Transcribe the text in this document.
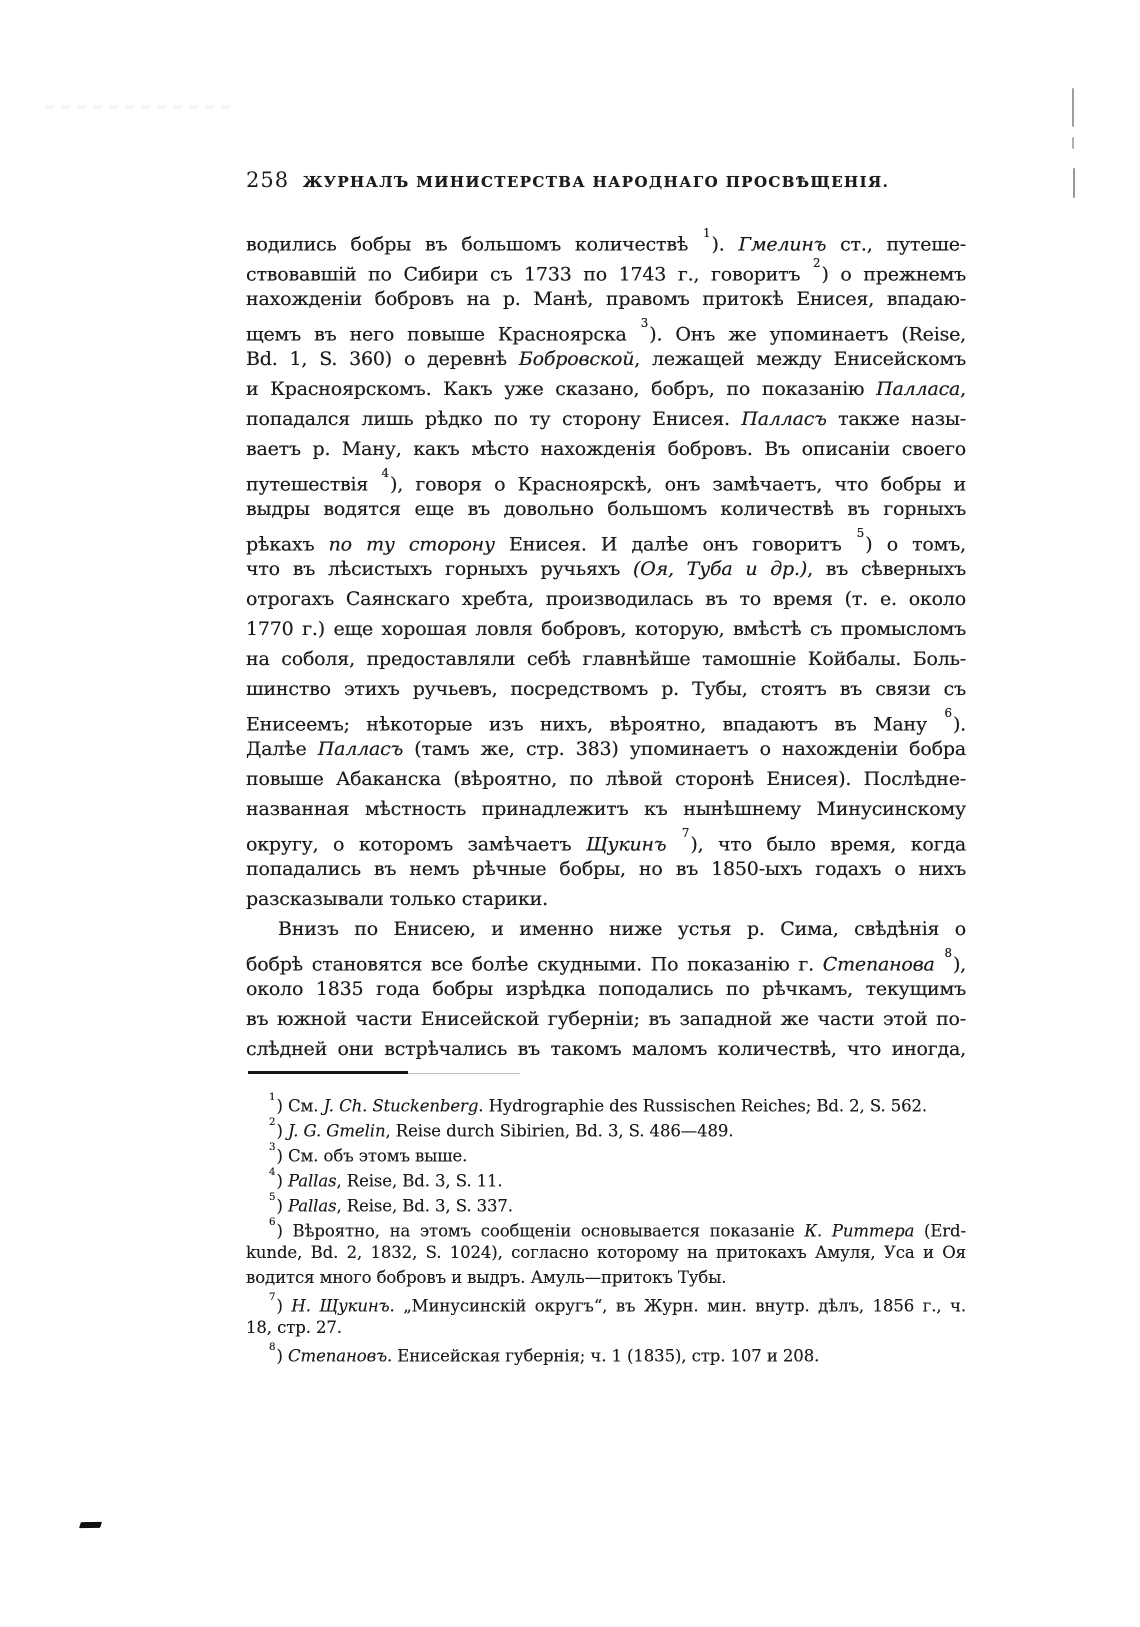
258 ЖУРНАЛЪ МИНИСТЕРСТВА НАРОДНАГО ПРОСВѢЩЕНІЯ.
водились бобры въ большомъ количествѣ $^1$). Гмелинъ ст., путеше-
ствовавшій по Сибири съ 1733 по 1743 г., говоритъ $^2$) о прежнемъ
нахожденіи бобровъ на р. Манѣ, правомъ притокѣ Енисея, впадаю-
щемъ въ него повыше Красноярска $^3$). Онъ же упоминаетъ (Reise,
Bd. 1, S. 360) о деревнѣ Бобровской, лежащей между Енисейскомъ
и Красноярскомъ. Какъ уже сказано, бобръ, по показанію Палласа,
попадался лишь рѣдко по ту сторону Енисея. Палласъ также назы-
ваетъ р. Ману, какъ мѣсто нахожденія бобровъ. Въ описаніи своего
путешествія $^4$), говоря о Красноярскѣ, онъ замѣчаетъ, что бобры и
выдры водятся еще въ довольно большомъ количествѣ въ горныхъ
рѣкахъ по ту сторону Енисея. И далѣе онъ говоритъ $^5$) о томъ,
что въ лѣсистыхъ горныхъ ручьяхъ (Оя, Туба и др.), въ сѣверныхъ
отрогахъ Саянскаго хребта, производилась въ то время (т. е. около
1770 г.) еще хорошая ловля бобровъ, которую, вмѣстѣ съ промысломъ
на соболя, предоставляли себѣ главнѣйше тамошніе Койбалы. Боль-
шинство этихъ ручьевъ, посредствомъ р. Тубы, стоятъ въ связи съ
Енисеемъ; нѣкоторые изъ нихъ, вѣроятно, впадаютъ въ Ману $^6$).
Далѣе Палласъ (тамъ же, стр. 383) упоминаетъ о нахожденіи бобра
повыше Абаканска (вѣроятно, по лѣвой сторонѣ Енисея). Послѣдне-
названная мѣстность принадлежитъ къ нынѣшнему Минусинскому
округу, о которомъ замѣчаетъ Щукинъ $^7$), что было время, когда
попадались въ немъ рѣчные бобры, но въ 1850-ыхъ годахъ о нихъ
разсказывали только старики.
Внизъ по Енисею, и именно ниже устья р. Сима, свѣдѣнія о
бобрѣ становятся все болѣе скудными. По показанію г. Степанова $^8$),
около 1835 года бобры изрѣдка поподались по рѣчкамъ, текущимъ
въ южной части Енисейской губерніи; въ западной же части этой по-
слѣдней они встрѣчались въ такомъ маломъ количествѣ, что иногда,
$^1$) См. J. Ch. Stuckenberg. Hydrographie des Russischen Reiches; Bd. 2, S. 562.
$^2$) J. G. Gmelin, Reise durch Sibirien, Bd. 3, S. 486—489.
$^3$) См. объ этомъ выше.
$^4$) Pallas, Reise, Bd. 3, S. 11.
$^5$) Pallas, Reise, Bd. 3, S. 337.
$^6$) Вѣроятно, на этомъ сообщеніи основывается показаніе К. Риттера (Erd-
kunde, Bd. 2, 1832, S. 1024), согласно которому на притокахъ Амуля, Уса и Оя
водится много бобровъ и выдръ. Амуль—притокъ Тубы.
$^7$) Н. Щукинъ. „Минусинскій округъ“, въ Журн. мин. внутр. дѣлъ, 1856 г., ч.
18, стр. 27.
$^8$) Степановъ. Енисейская губернія; ч. 1 (1835), стр. 107 и 208.
